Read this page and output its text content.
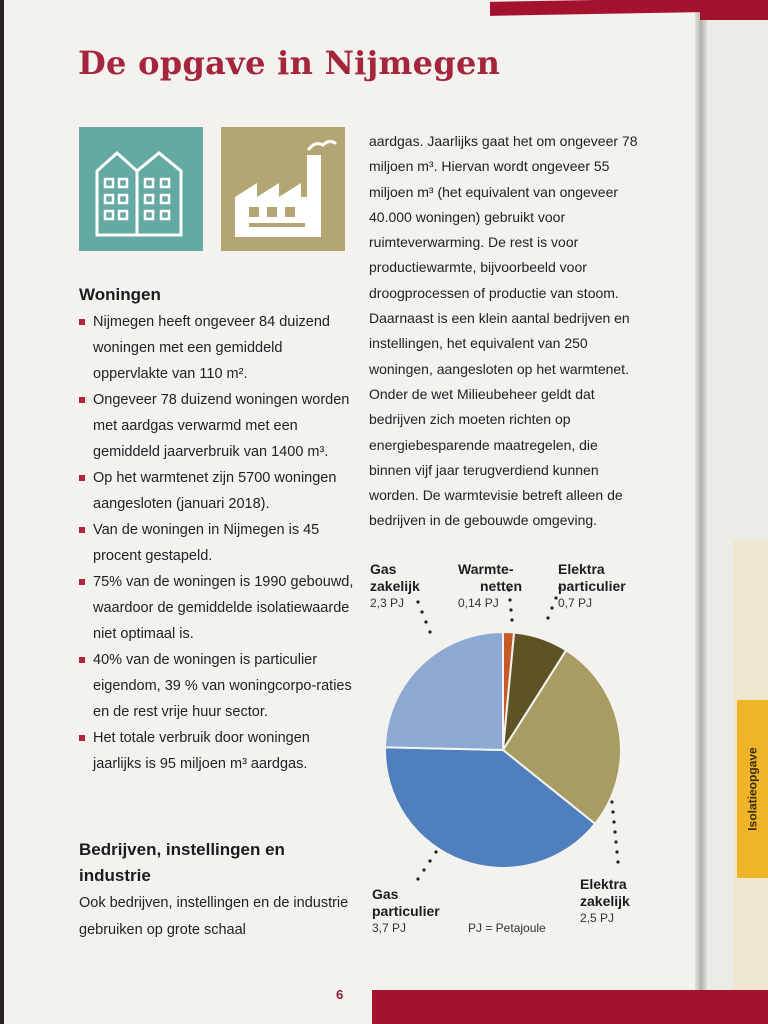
Isolatieopgave
De opgave in Nijmegen
Woningen
Nijmegen heeft ongeveer 84 duizend woningen met een gemiddeld oppervlakte van 110 m².
Ongeveer 78 duizend woningen worden met aardgas verwarmd met een gemiddeld jaarverbruik van 1400 m³.
Op het warmtenet zijn 5700 woningen aangesloten (januari 2018).
Van de woningen in Nijmegen is 45 procent gestapeld.
75% van de woningen is 1990 gebouwd, waardoor de gemiddelde isolatiewaarde niet optimaal is.
40% van de woningen is particulier eigendom, 39 % van woningcorpo-raties en de rest vrije huur sector.
Het totale verbruik door woningen jaarlijks is 95 miljoen m³ aardgas.
Bedrijven, instellingen en industrie

Ook bedrijven, instellingen en de industrie gebruiken op grote schaal

aardgas. Jaarlijks gaat het om ongeveer 78 miljoen m³. Hiervan wordt ongeveer 55 miljoen m³ (het equivalent van ongeveer 40.000 woningen) gebruikt voor ruimteverwarming. De rest is voor productiewarmte, bijvoorbeeld voor droogprocessen of productie van stoom. Daarnaast is een klein aantal bedrijven en instellingen, het equivalent van 250 woningen, aangesloten op het warmtenet. Onder de wet Milieubeheer geldt dat bedrijven zich moeten richten op energiebesparende maatregelen, die binnen vijf jaar terugverdiend kunnen worden. De warmtevisie betreft alleen de bedrijven in de gebouwde omgeving.

Gas
zakelijk
2,3 PJ
Warmte-
netten
0,14 PJ
Elektra
particulier
0,7 PJ
Elektra
zakelijk
2,5 PJ
Gas
particulier
3,7 PJ	PJ = Petajoule
6
